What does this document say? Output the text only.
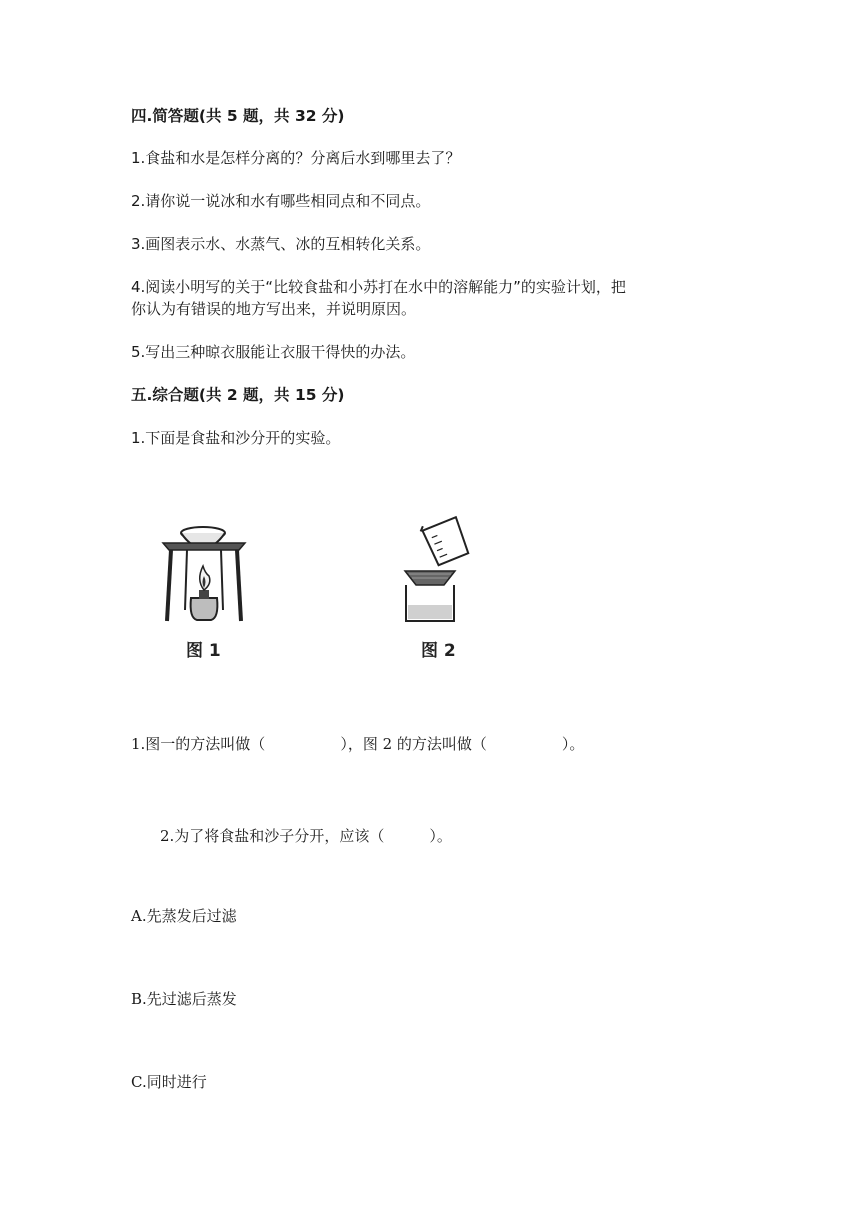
四.简答题(共 5 题，共 32 分)
1.食盐和水是怎样分离的？分离后水到哪里去了？
2.请你说一说冰和水有哪些相同点和不同点。
3.画图表示水、水蒸气、冰的互相转化关系。
4.阅读小明写的关于“比较食盐和小苏打在水中的溶解能力”的实验计划，把
你认为有错误的地方写出来，并说明原因。
5.写出三种晾衣服能让衣服干得快的办法。
五.综合题(共 2 题，共 15 分)
1.下面是食盐和沙分开的实验。
图 1	图 2
1.图一的方法叫做（　　　　　），图 2 的方法叫做（　　　　　）。
2.为了将食盐和沙子分开，应该（　　　）。
A.先蒸发后过滤
B.先过滤后蒸发
C.同时进行
